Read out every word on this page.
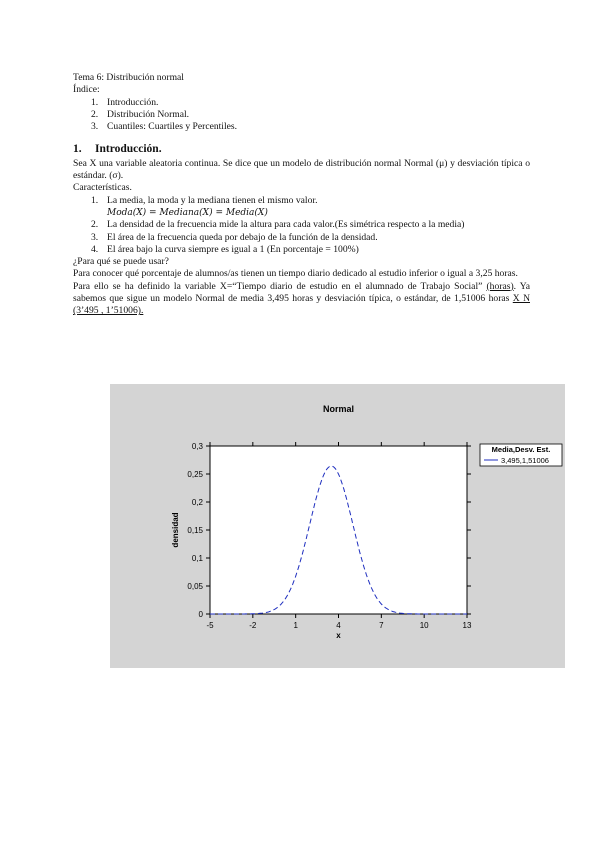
Tema 6: Distribución normal
Índice:
1. Introducción.
2. Distribución Normal.
3. Cuantiles: Cuartiles y Percentiles.
1. Introducción.
Sea X una variable aleatoria continua. Se dice que un modelo de distribución normal Normal (μ) y desviación típica o estándar. (σ).
Características.
1. La media, la moda y la mediana tienen el mismo valor.
Moda(X) = Mediana(X) = Media(X)
2. La densidad de la frecuencia mide la altura para cada valor.(Es simétrica respecto a la media)
3. El área de la frecuencia queda por debajo de la función de la densidad.
4. El área bajo la curva siempre es igual a 1 (En porcentaje = 100%)
¿Para qué se puede usar?
Para conocer qué porcentaje de alumnos/as tienen un tiempo diario dedicado al estudio inferior o igual a 3,25 horas.
Para ello se ha definido la variable X=“Tiempo diario de estudio en el alumnado de Trabajo Social” (horas). Ya sabemos que sigue un modelo Normal de media 3,495 horas y desviación típica, o estándar, de 1,51006 horas X N (3’495 , 1’51006).
Normal
0
0,05
0,1
0,15
0,2
0,25
0,3
-5	-2	1	4	7	10	13
x
densidad
Media,Desv. Est.
3,495,1,51006
